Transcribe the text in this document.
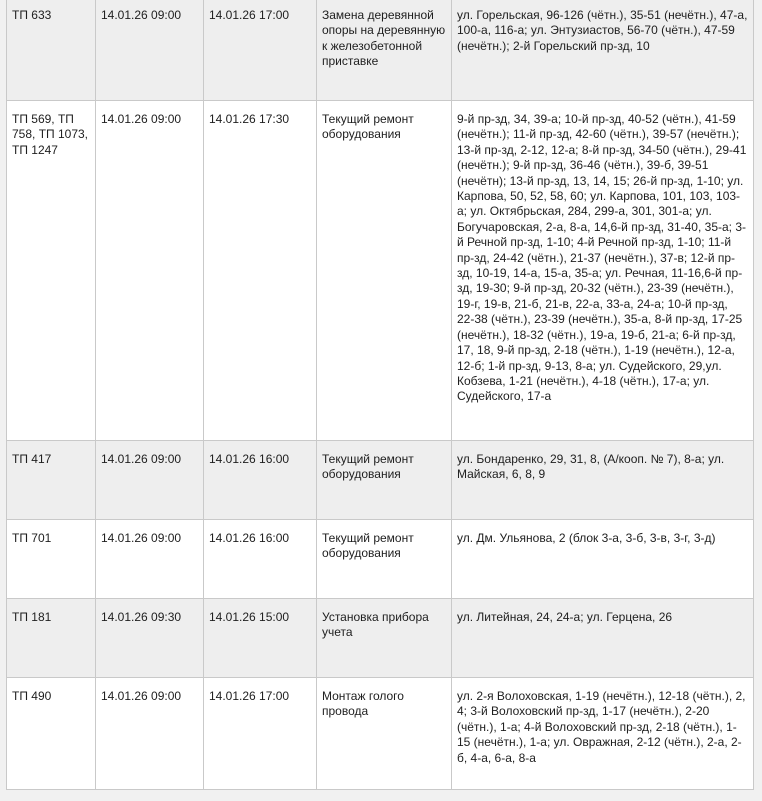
ТП 633	14.01.26 09:00	14.01.26 17:00	Замена деревянной опоры на деревянную к железобетонной приставке	ул. Горельская, 96-126 (чётн.), 35-51 (нечётн.), 47-а, 100-а, 116-а; ул. Энтузиастов, 56-70 (чётн.), 47-59 (нечётн.); 2-й Горельский пр-зд, 10
ТП 569, ТП 758, ТП 1073, ТП 1247	14.01.26 09:00	14.01.26 17:30	Текущий ремонт оборудования	9-й пр-зд, 34, 39-а; 10-й пр-зд, 40-52 (чётн.), 41-59 (нечётн.); 11-й пр-зд, 42-60 (чётн.), 39-57 (нечётн.); 13-й пр-зд, 2-12, 12-а; 8-й пр-зд, 34-50 (чётн.), 29-41 (нечётн.); 9-й пр-зд, 36-46 (чётн.), 39-б, 39-51 (нечётн); 13-й пр-зд, 13, 14, 15; 26-й пр-зд, 1-10; ул. Карпова, 50, 52, 58, 60; ул. Карпова, 101, 103, 103-а; ул. Октябрьская, 284, 299-а, 301, 301-а; ул. Богучаровская, 2-а, 8-а, 14,6-й пр-зд, 31-40, 35-а; 3-й Речной пр-зд, 1-10; 4-й Речной пр-зд, 1-10; 11-й пр-зд, 24-42 (чётн.), 21-37 (нечётн.), 37-в; 12-й пр-зд, 10-19, 14-а, 15-а, 35-а; ул. Речная, 11-16,6-й пр-зд, 19-30; 9-й пр-зд, 20-32 (чётн.), 23-39 (нечётн.), 19-г, 19-в, 21-б, 21-в, 22-а, 33-а, 24-а; 10-й пр-зд, 22-38 (чётн.), 23-39 (нечётн.), 35-а, 8-й пр-зд, 17-25 (нечётн.), 18-32 (чётн.), 19-а, 19-б, 21-а; 6-й пр-зд, 17, 18, 9-й пр-зд, 2-18 (чётн.), 1-19 (нечётн.), 12-а, 12-б; 1-й пр-зд, 9-13, 8-а; ул. Судейского, 29,ул. Кобзева, 1-21 (нечётн.), 4-18 (чётн.), 17-а; ул. Судейского, 17-а
ТП 417	14.01.26 09:00	14.01.26 16:00	Текущий ремонт оборудования	ул. Бондаренко, 29, 31, 8, (А/кооп. № 7), 8-а; ул. Майская, 6, 8, 9
ТП 701	14.01.26 09:00	14.01.26 16:00	Текущий ремонт оборудования	ул. Дм. Ульянова, 2 (блок 3-а, 3-б, 3-в, 3-г, 3-д)
ТП 181	14.01.26 09:30	14.01.26 15:00	Установка прибора учета	ул. Литейная, 24, 24-а; ул. Герцена, 26
ТП 490	14.01.26 09:00	14.01.26 17:00	Монтаж голого провода	ул. 2-я Волоховская, 1-19 (нечётн.), 12-18 (чётн.), 2, 4; 3-й Волоховский пр-зд, 1-17 (нечётн.), 2-20 (чётн.), 1-а; 4-й Волоховский пр-зд, 2-18 (чётн.), 1-15 (нечётн.), 1-а; ул. Овражная, 2-12 (чётн.), 2-а, 2-б, 4-а, 6-а, 8-а
